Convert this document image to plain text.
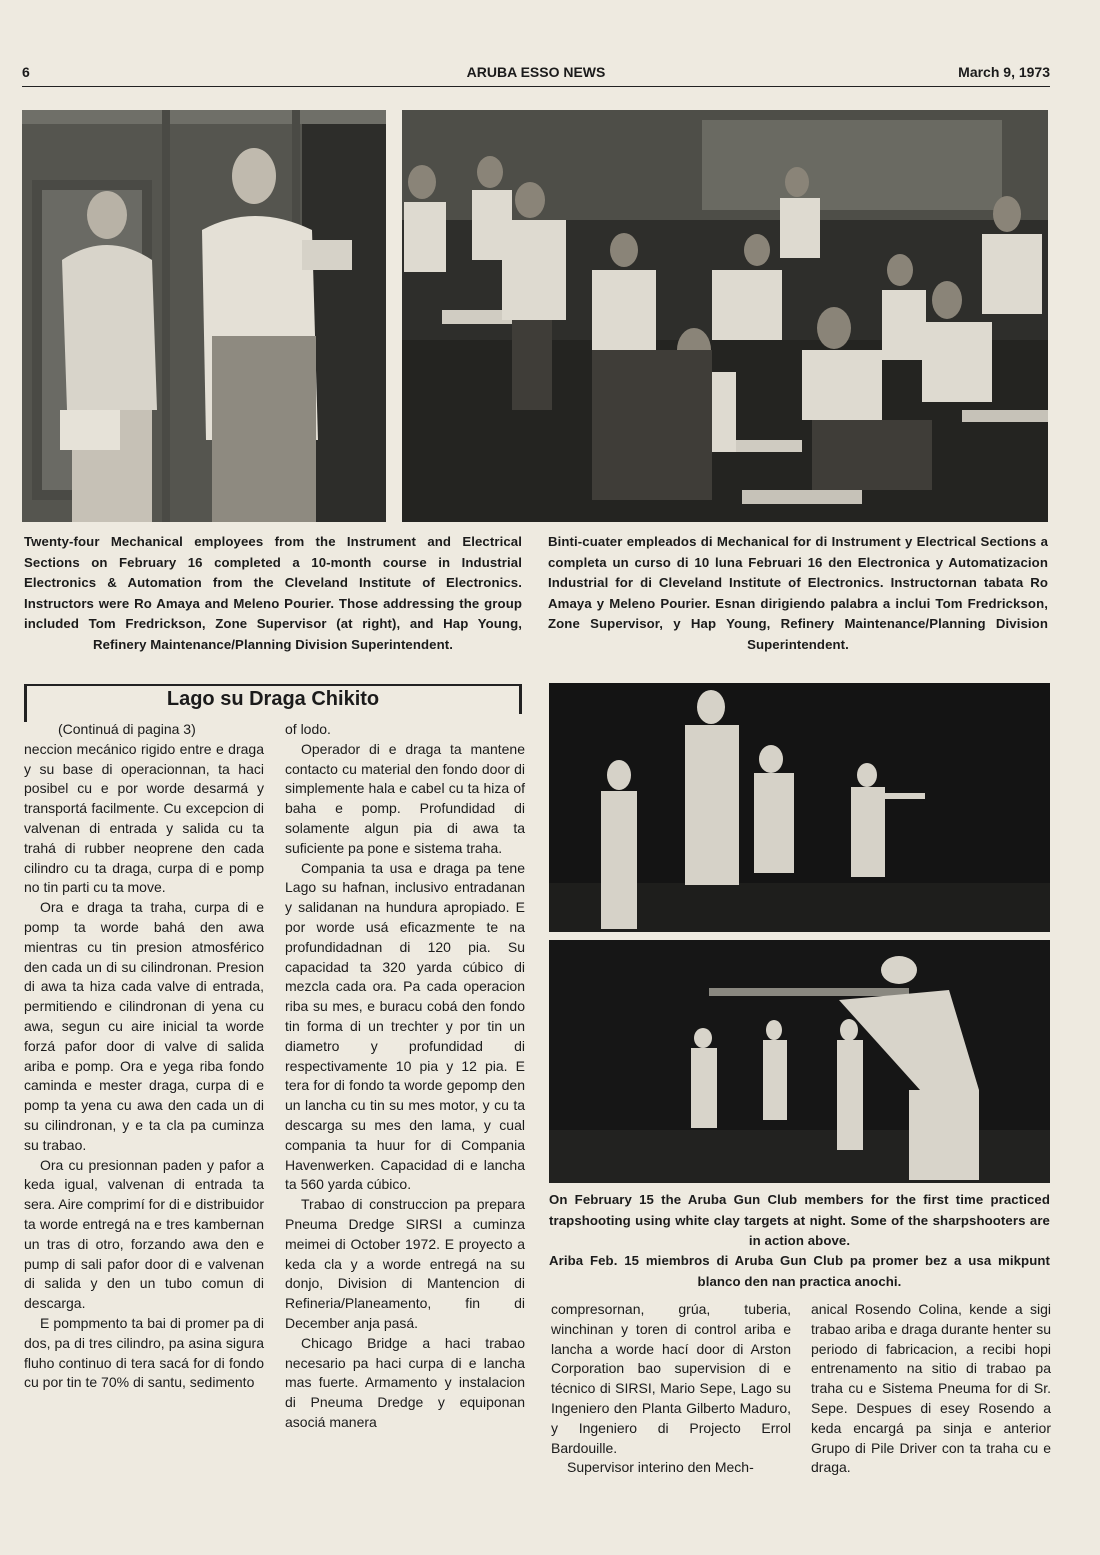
6	ARUBA ESSO NEWS	March 9, 1973
Twenty-four Mechanical employees from the Instrument and Electrical Sections on February 16 completed a 10-month course in Industrial Electronics & Automation from the Cleveland Institute of Electronics. Instructors were Ro Amaya and Meleno Pourier. Those addressing the group included Tom Fredrickson, Zone Supervisor (at right), and Hap Young, Refinery Maintenance/Planning Division Superintendent.
Binti-cuater empleados di Mechanical for di Instrument y Electrical Sections a completa un curso di 10 luna Februari 16 den Electronica y Automatizacion Industrial for di Cleveland Institute of Electronics. Instructornan tabata Ro Amaya y Meleno Pourier. Esnan dirigiendo palabra a inclui Tom Fredrickson, Zone Supervisor, y Hap Young, Refinery Maintenance/Planning Division Superintendent.
Lago su Draga Chikito

(Continuá di pagina 3)

neccion mecánico rigido entre e draga y su base di operacionnan, ta haci posibel cu e por worde desarmá y transportá facilmente. Cu excepcion di valvenan di entrada y salida cu ta trahá di rubber neoprene den cada cilindro cu ta draga, curpa di e pomp no tin parti cu ta move.

Ora e draga ta traha, curpa di e pomp ta worde bahá den awa mientras cu tin presion atmosférico den cada un di su cilindronan. Presion di awa ta hiza cada valve di entrada, permitiendo e cilindronan di yena cu awa, segun cu aire inicial ta worde forzá pafor door di valve di salida ariba e pomp. Ora e yega riba fondo caminda e mester draga, curpa di e pomp ta yena cu awa den cada un di su cilindronan, y e ta cla pa cuminza su trabao.

Ora cu presionnan paden y pafor a keda igual, valvenan di entrada ta sera. Aire comprimí for di e distribuidor ta worde entregá na e tres kambernan un tras di otro, forzando awa den e pump di sali pafor door di e valvenan di salida y den un tubo comun di descarga.

E pompmento ta bai di promer pa di dos, pa di tres cilindro, pa asina sigura fluho continuo di tera sacá for di fondo cu por tin te 70% di santu, sedimento

of lodo.

Operador di e draga ta mantene contacto cu material den fondo door di simplemente hala e cabel cu ta hiza of baha e pomp. Profundidad di solamente algun pia di awa ta suficiente pa pone e sistema traha.

Compania ta usa e draga pa tene Lago su hafnan, inclusivo entradanan y salidanan na hundura apropiado. E por worde usá eficazmente te na profundidadnan di 120 pia. Su capacidad ta 320 yarda cúbico di mezcla cada ora. Pa cada operacion riba su mes, e buracu cobá den fondo tin forma di un trechter y por tin un diametro y profundidad di respectivamente 10 pia y 12 pia. E tera for di fondo ta worde gepomp den un lancha cu tin su mes motor, y cu ta descarga su mes den lama, y cual compania ta huur for di Compania Havenwerken. Capacidad di e lancha ta 560 yarda cúbico.

Trabao di construccion pa prepara Pneuma Dredge SIRSI a cuminza meimei di October 1972. E proyecto a keda cla y a worde entregá na su donjo, Division di Mantencion di Refineria/Planeamento, fin di December anja pasá.

Chicago Bridge a haci trabao necesario pa haci curpa di e lancha mas fuerte. Armamento y instalacion di Pneuma Dredge y equiponan asociá manera

On February 15 the Aruba Gun Club members for the first time practiced trapshooting using white clay targets at night. Some of the sharpshooters are in action above.
Ariba Feb. 15 miembros di Aruba Gun Club pa promer bez a usa mikpunt blanco den nan practica anochi.

compresornan, grúa, tuberia, winchinan y toren di control ariba e lancha a worde hací door di Arston Corporation bao supervision di e técnico di SIRSI, Mario Sepe, Lago su Ingeniero den Planta Gilberto Maduro, y Ingeniero di Projecto Errol Bardouille.

Supervisor interino den Mech-

anical Rosendo Colina, kende a sigi trabao ariba e draga durante henter su periodo di fabricacion, a recibi hopi entrenamento na sitio di trabao pa traha cu e Sistema Pneuma for di Sr. Sepe. Despues di esey Rosendo a keda encargá pa sinja e anterior Grupo di Pile Driver con ta traha cu e draga.
